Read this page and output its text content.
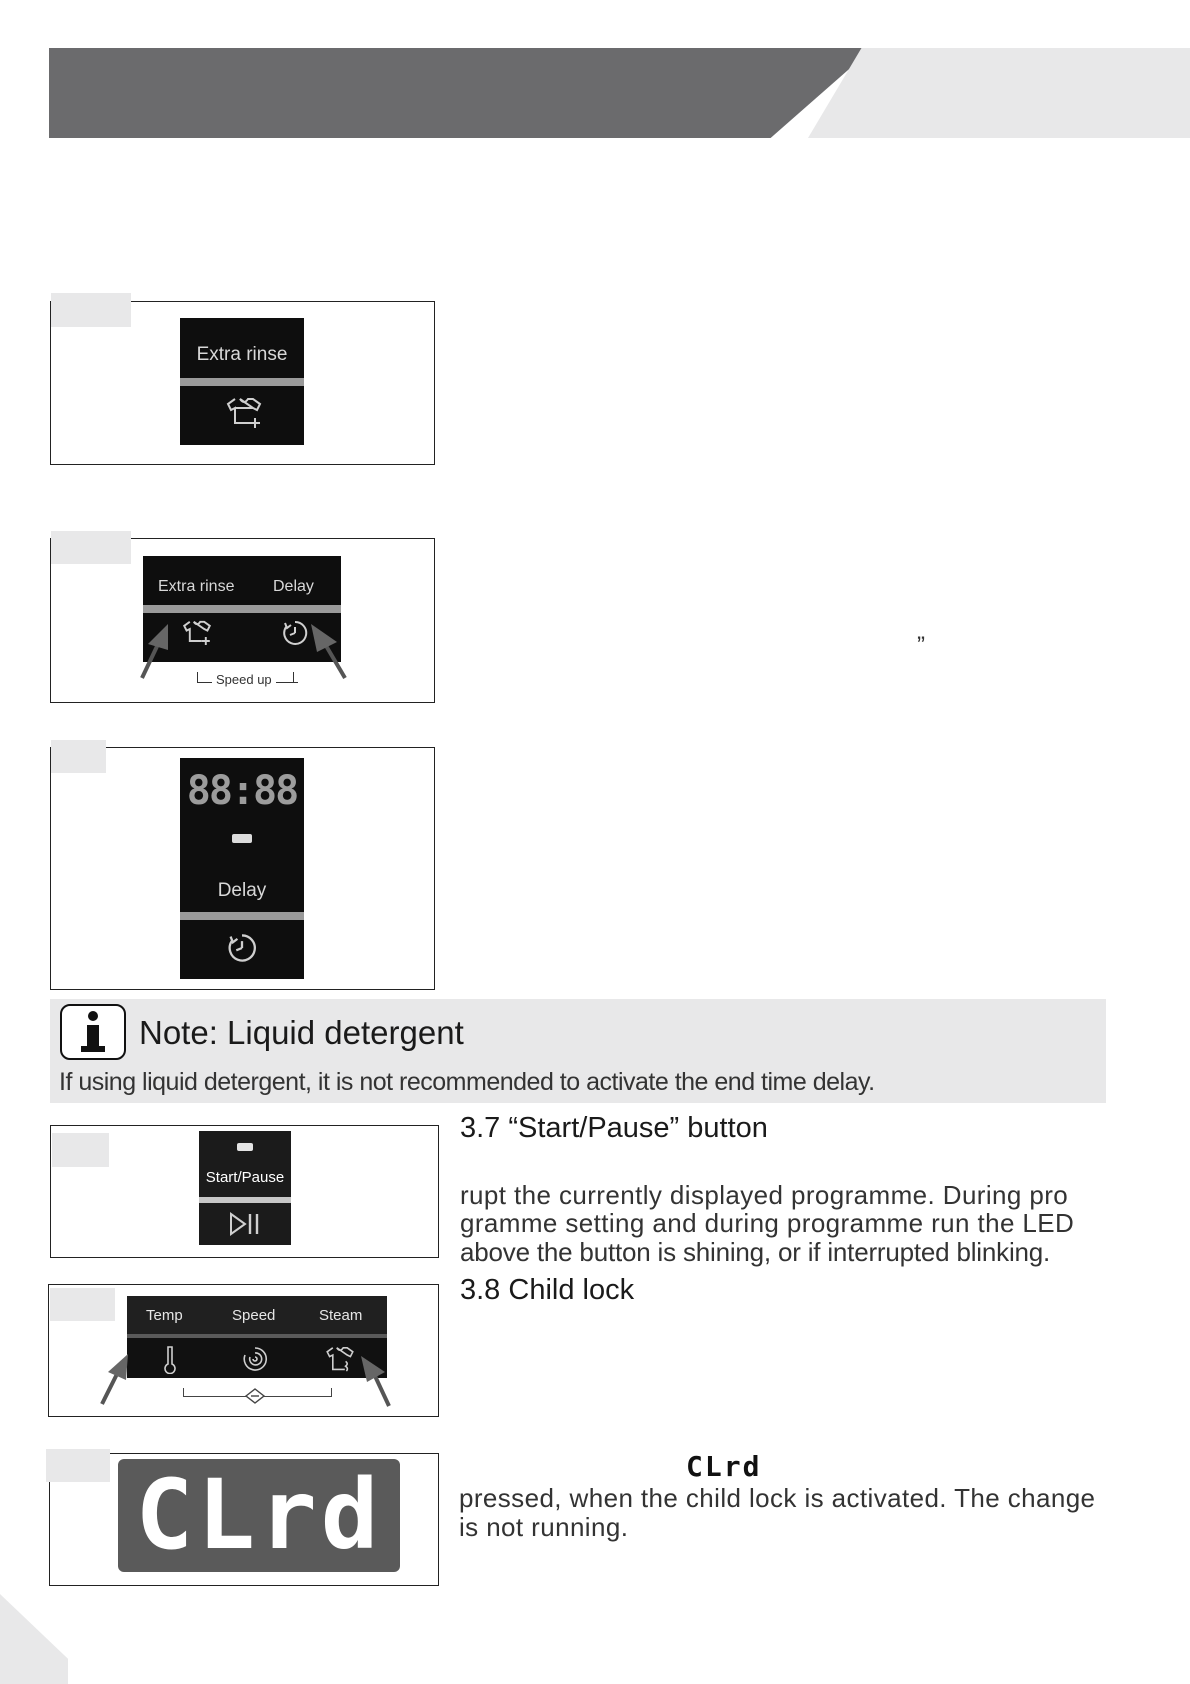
Extra rinse
Extra rinse Delay
Speed up
88:88
Delay
”
Note: Liquid detergent
If using liquid detergent, it is not recommended to activate the end time delay.
Start/Pause
3.7 “Start/Pause” button
rupt the currently displayed programme. During pro
gramme setting and during programme run the LED
above the button is shining, or if interrupted blinking.
Temp	Speed	Steam
3.8 Child lock
CLrd
pressed, when the child lock is activated. The change
is not running.
CLrd
